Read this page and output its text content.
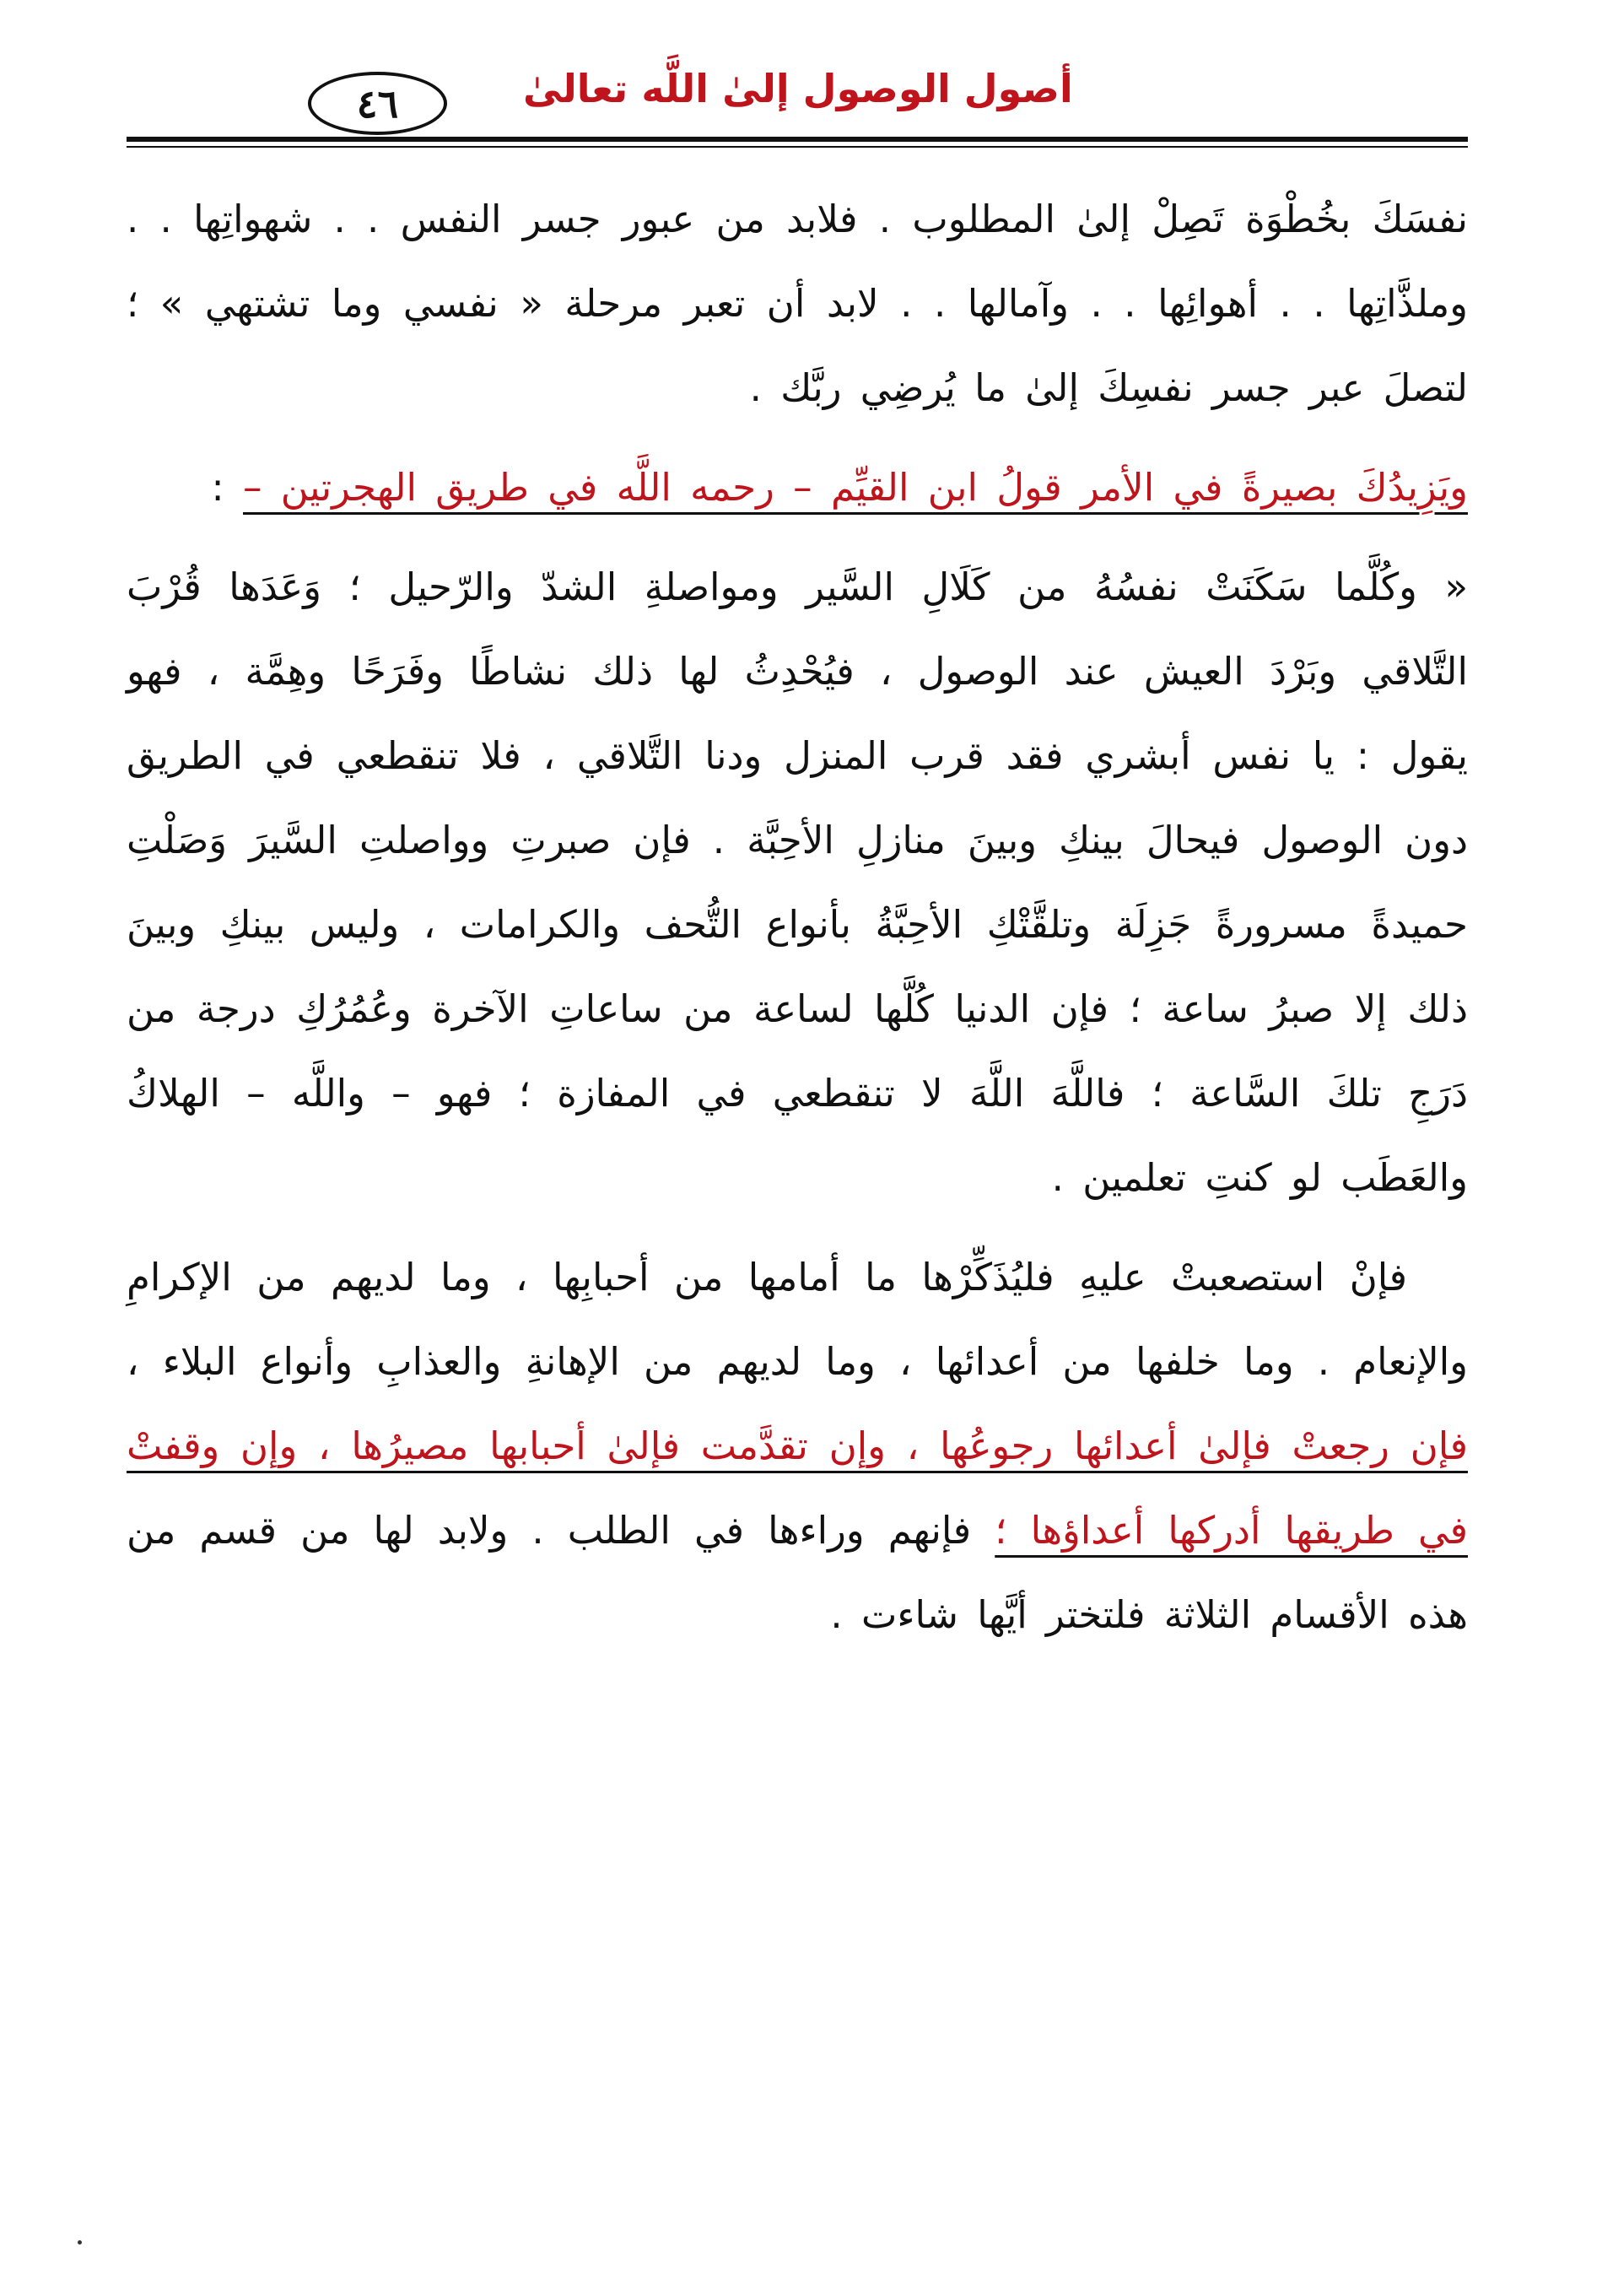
٤٦	أصول الوصول إلىٰ اللَّه تعالىٰ

نفسَكَ بخُطْوَة تَصِلْ إلىٰ المطلوب . فلابد من عبور جسر النفس . . شهواتِها . . وملذَّاتِها . . أهوائِها . . وآمالها . . لابد أن تعبر مرحلة « نفسي وما تشتهي » ؛ لتصلَ عبر جسر نفسِكَ إلىٰ ما يُرضِي ربَّك .

ويَزِيدُكَ بصيرةً في الأمر قولُ ابن القيِّم – رحمه اللَّه في طريق الهجرتين – :

« وكُلَّما سَكَنَتْ نفسُهُ من كَلَالِ السَّير ومواصلةِ الشدّ والرّحيل ؛ وَعَدَها قُرْبَ التَّلاقي وبَرْدَ العيش عند الوصول ، فيُحْدِثُ لها ذلك نشاطًا وفَرَحًا وهِمَّة ، فهو يقول : يا نفس أبشري فقد قرب المنزل ودنا التَّلاقي ، فلا تنقطعي في الطريق دون الوصول فيحالَ بينكِ وبينَ منازلِ الأحِبَّة . فإن صبرتِ وواصلتِ السَّيرَ وَصَلْتِ حميدةً مسرورةً جَزِلَة وتلقَّتْكِ الأحِبَّةُ بأنواع التُّحف والكرامات ، وليس بينكِ وبينَ ذلك إلا صبرُ ساعة ؛ فإن الدنيا كُلَّها لساعة من ساعاتِ الآخرة وعُمُرُكِ درجة من دَرَجِ تلكَ السَّاعة ؛ فاللَّهَ اللَّهَ لا تنقطعي في المفازة ؛ فهو – واللَّه – الهلاكُ والعَطَب لو كنتِ تعلمين .

فإنْ استصعبتْ عليهِ فليُذَكِّرْها ما أمامها من أحبابِها ، وما لديهم من الإكرامِ والإنعام . وما خلفها من أعدائها ، وما لديهم من الإهانةِ والعذابِ وأنواع البلاء ، فإن رجعتْ فإلىٰ أعدائها رجوعُها ، وإن تقدَّمت فإلىٰ أحبابها مصيرُها ، وإن وقفتْ في طريقها أدركها أعداؤها ؛ فإنهم وراءها في الطلب . ولابد لها من قسم من هذه الأقسام الثلاثة فلتختر أيَّها شاءت .
